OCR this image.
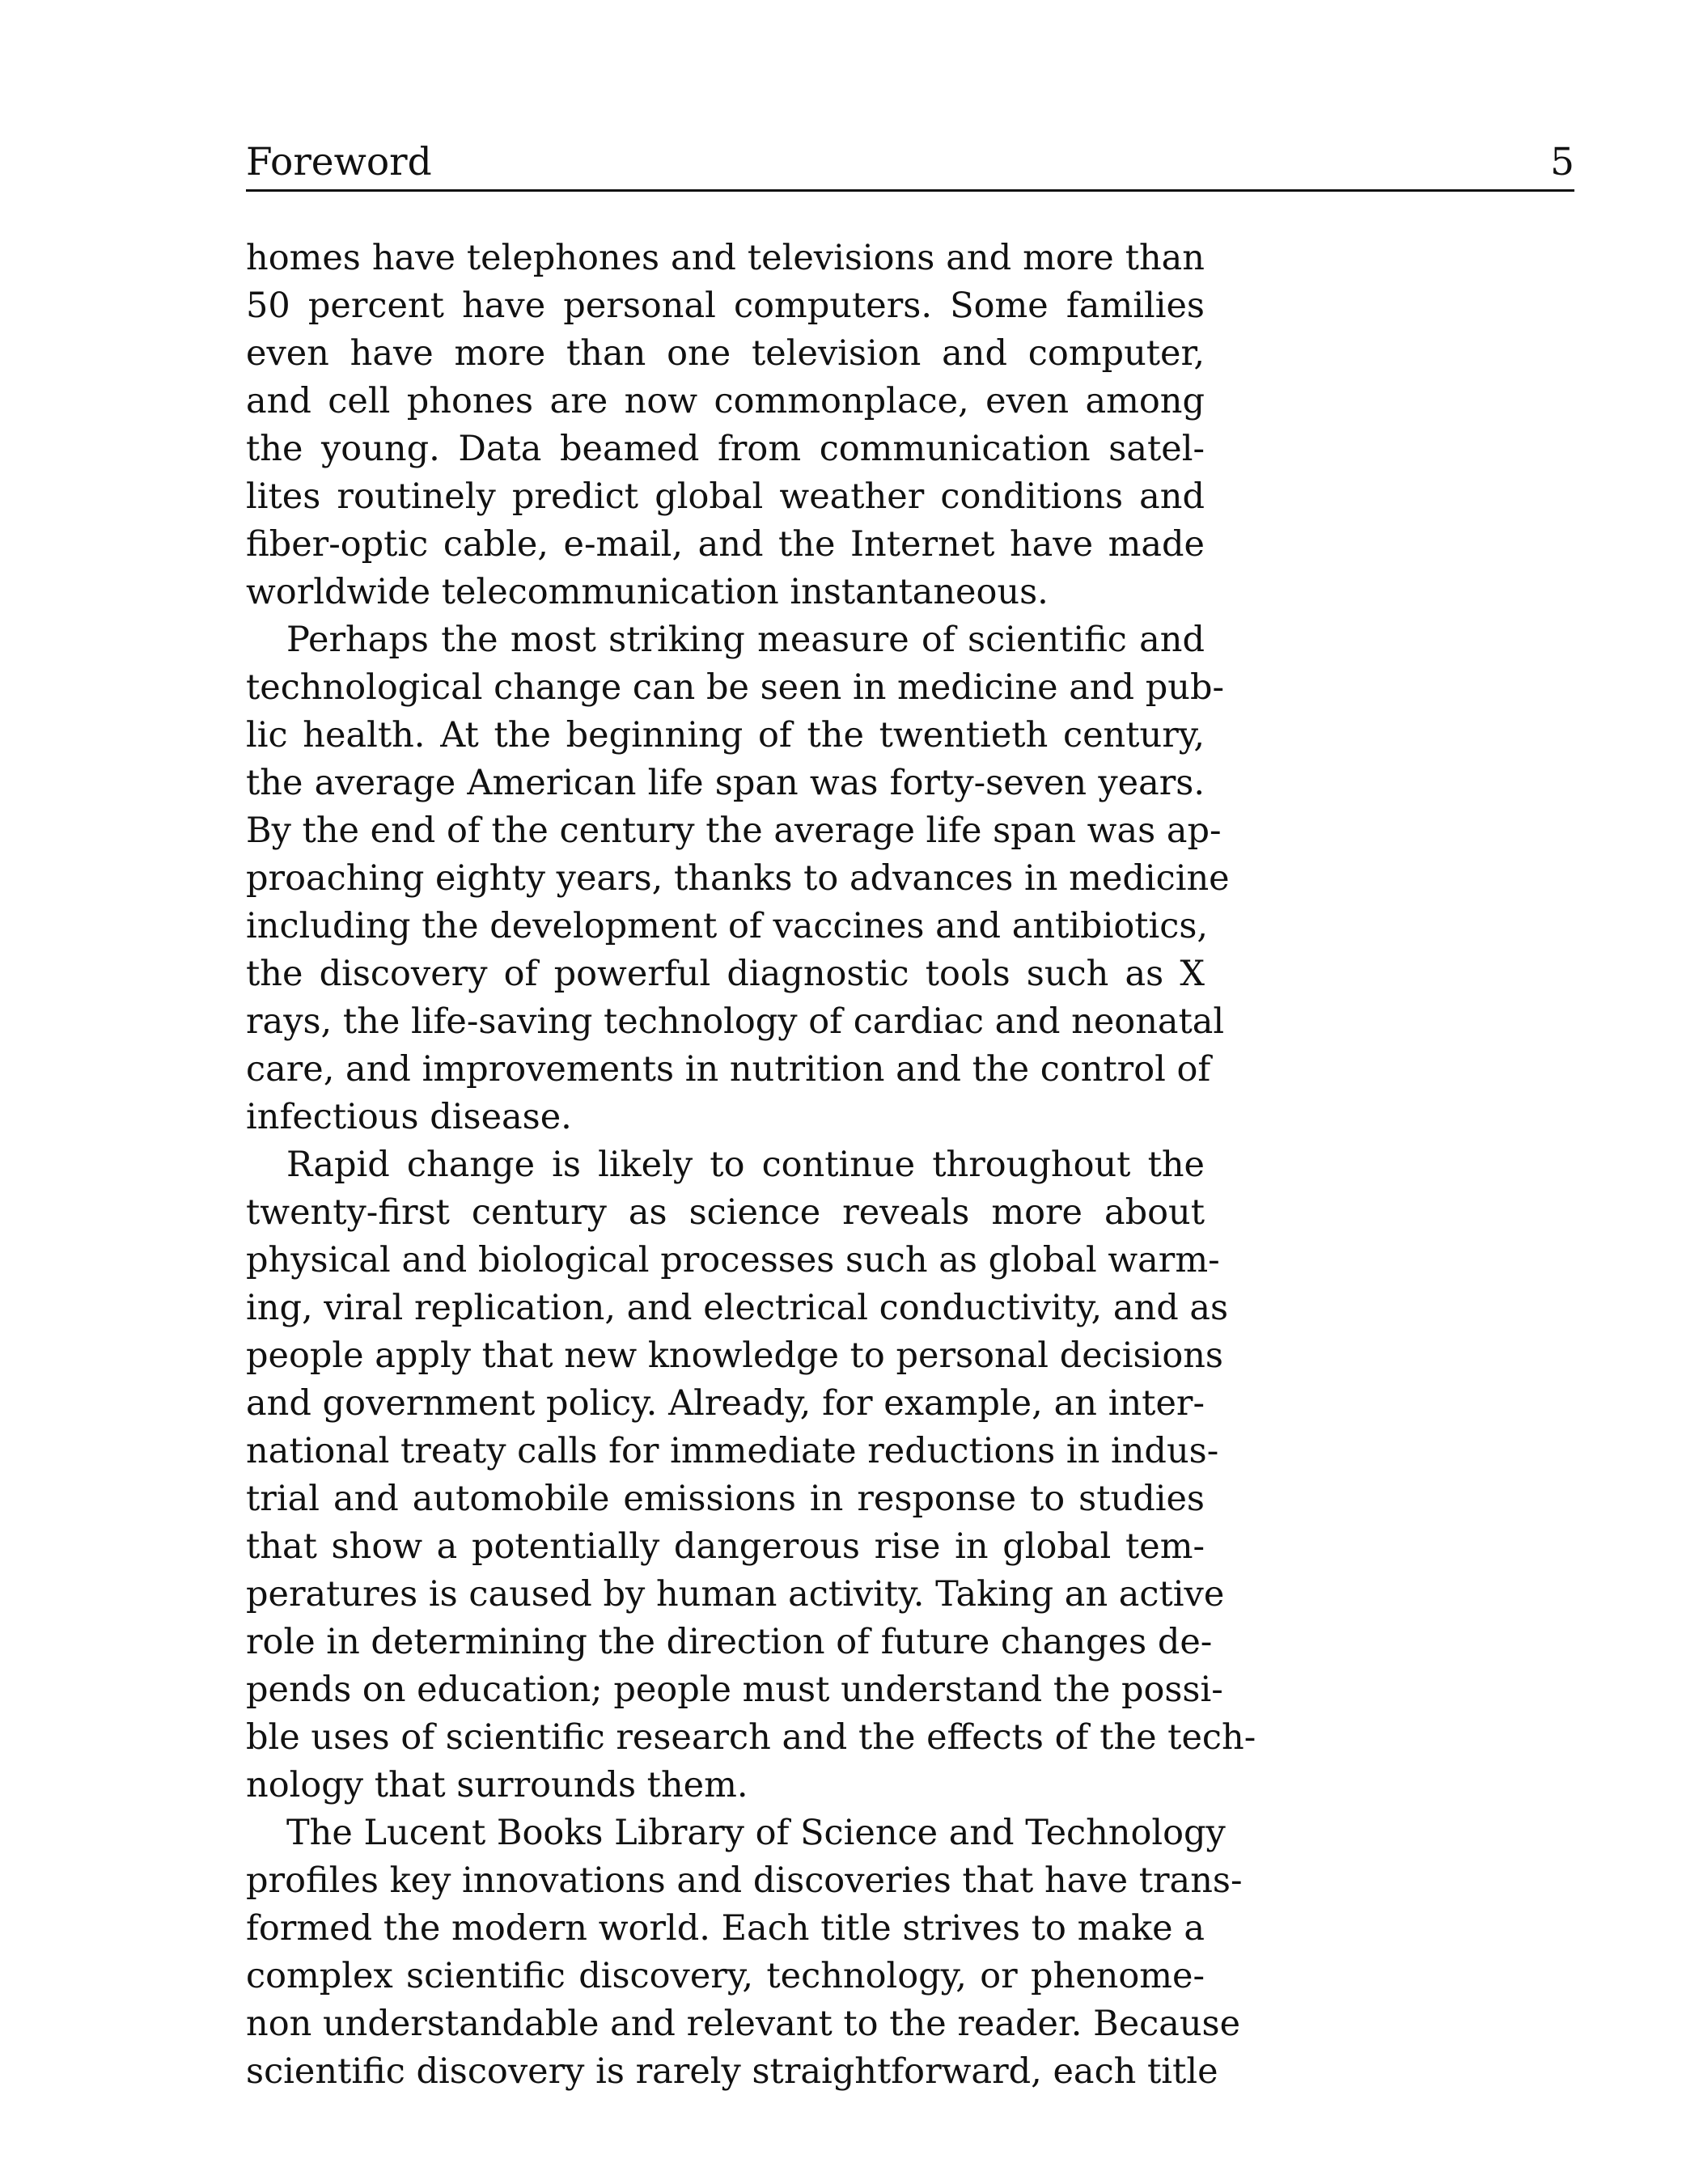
Foreword	5
homes have telephones and televisions and more than
50 percent have personal computers. Some families
even have more than one television and computer,
and cell phones are now commonplace, even among
the young. Data beamed from communication satel-
lites routinely predict global weather conditions and
fiber-optic cable, e-mail, and the Internet have made
worldwide telecommunication instantaneous.
Perhaps the most striking measure of scientific and
technological change can be seen in medicine and pub-
lic health. At the beginning of the twentieth century,
the average American life span was forty-seven years.
By the end of the century the average life span was ap-
proaching eighty years, thanks to advances in medicine
including the development of vaccines and antibiotics,
the discovery of powerful diagnostic tools such as X
rays, the life-saving technology of cardiac and neonatal
care, and improvements in nutrition and the control of
infectious disease.
Rapid change is likely to continue throughout the
twenty-first century as science reveals more about
physical and biological processes such as global warm-
ing, viral replication, and electrical conductivity, and as
people apply that new knowledge to personal decisions
and government policy. Already, for example, an inter-
national treaty calls for immediate reductions in indus-
trial and automobile emissions in response to studies
that show a potentially dangerous rise in global tem-
peratures is caused by human activity. Taking an active
role in determining the direction of future changes de-
pends on education; people must understand the possi-
ble uses of scientific research and the effects of the tech-
nology that surrounds them.
The Lucent Books Library of Science and Technology
profiles key innovations and discoveries that have trans-
formed the modern world. Each title strives to make a
complex scientific discovery, technology, or phenome-
non understandable and relevant to the reader. Because
scientific discovery is rarely straightforward, each title
